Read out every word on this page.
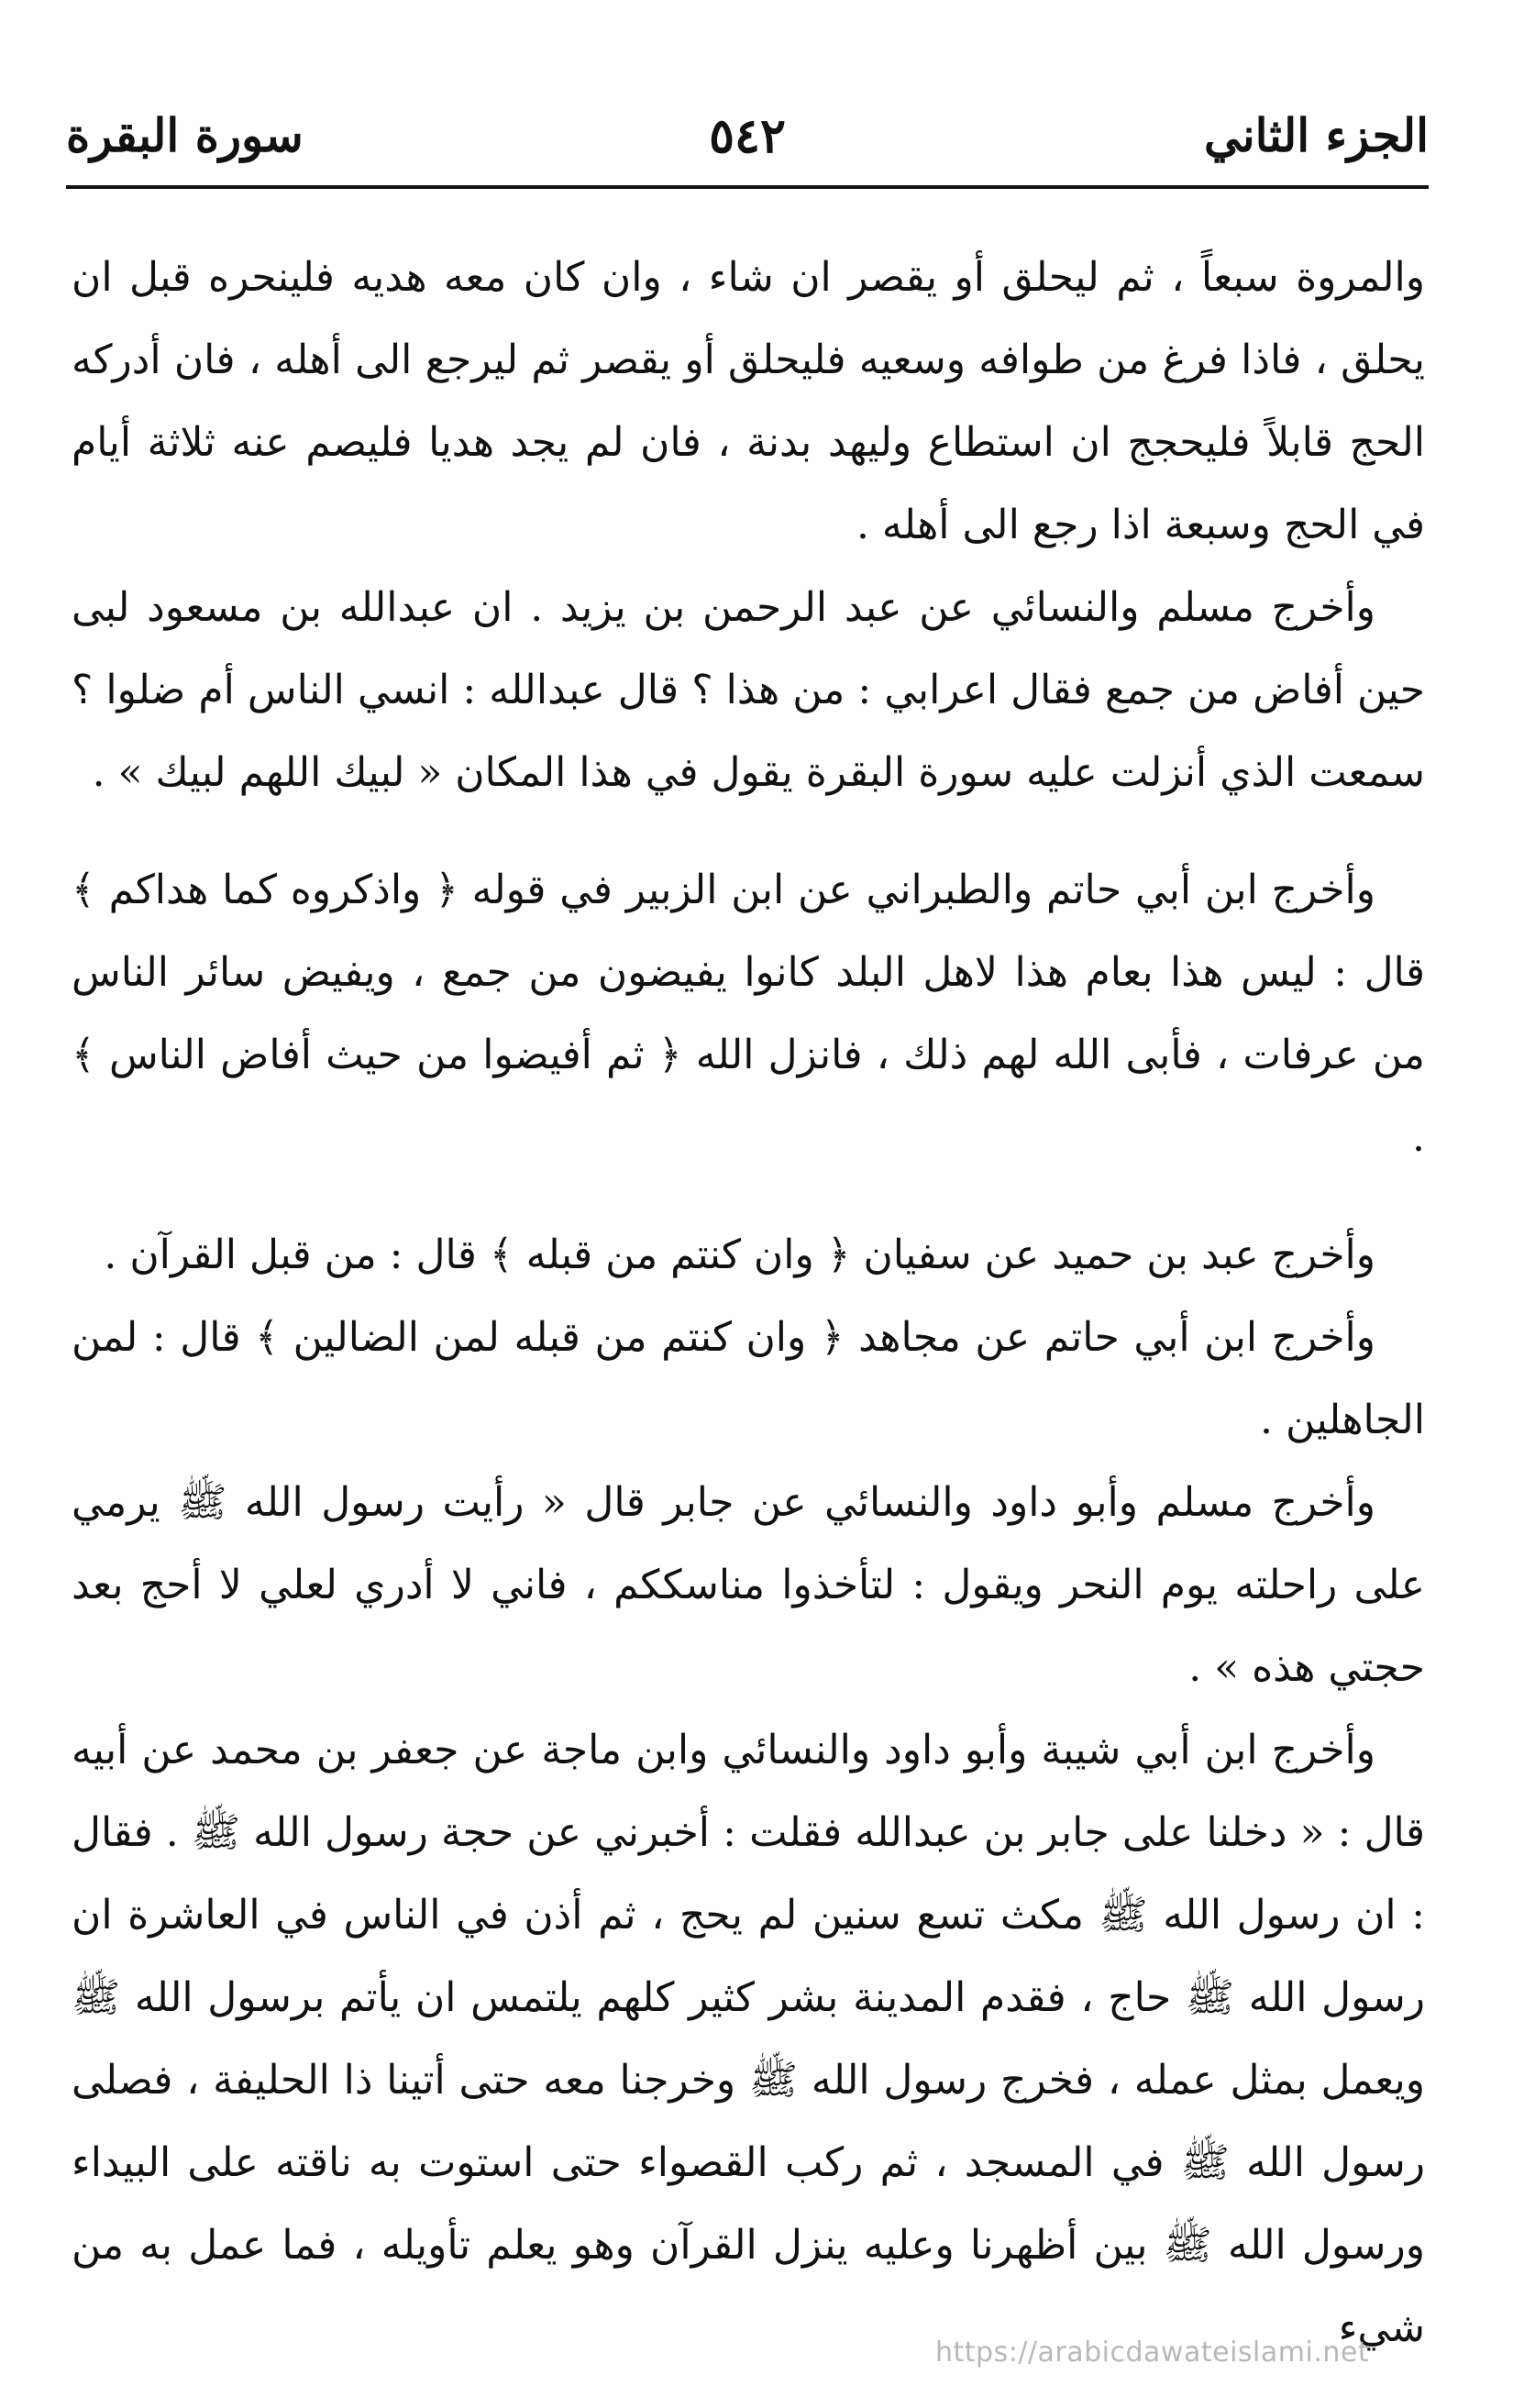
الجزء الثاني
٥٤٢
سورة البقرة

والمروة سبعاً ، ثم ليحلق أو يقصر ان شاء ، وان كان معه هديه فلينحره قبل ان يحلق ، فاذا فرغ من طوافه وسعيه فليحلق أو يقصر ثم ليرجع الى أهله ، فان أدركه الحج قابلاً فليحجج ان استطاع وليهد بدنة ، فان لم يجد هديا فليصم عنه ثلاثة أيام في الحج وسبعة اذا رجع الى أهله .

وأخرج مسلم والنسائي عن عبد الرحمن بن يزيد . ان عبدالله بن مسعود لبى حين أفاض من جمع فقال اعرابي : من هذا ؟ قال عبدالله : انسي الناس أم ضلوا ؟ سمعت الذي أنزلت عليه سورة البقرة يقول في هذا المكان « لبيك اللهم لبيك » .

وأخرج ابن أبي حاتم والطبراني عن ابن الزبير في قوله ﴿ واذكروه كما هداكم ﴾ قال : ليس هذا بعام هذا لاهل البلد كانوا يفيضون من جمع ، ويفيض سائر الناس من عرفات ، فأبى الله لهم ذلك ، فانزل الله ﴿ ثم أفيضوا من حيث أفاض الناس ﴾ .

وأخرج عبد بن حميد عن سفيان ﴿ وان كنتم من قبله ﴾ قال : من قبل القرآن .

وأخرج ابن أبي حاتم عن مجاهد ﴿ وان كنتم من قبله لمن الضالين ﴾ قال : لمن الجاهلين .

وأخرج مسلم وأبو داود والنسائي عن جابر قال « رأيت رسول الله ﷺ يرمي على راحلته يوم النحر ويقول : لتأخذوا مناسككم ، فاني لا أدري لعلي لا أحج بعد حجتي هذه » .

وأخرج ابن أبي شيبة وأبو داود والنسائي وابن ماجة عن جعفر بن محمد عن أبيه قال : « دخلنا على جابر بن عبدالله فقلت : أخبرني عن حجة رسول الله ﷺ . فقال : ان رسول الله ﷺ مكث تسع سنين لم يحج ، ثم أذن في الناس في العاشرة ان رسول الله ﷺ حاج ، فقدم المدينة بشر كثير كلهم يلتمس ان يأتم برسول الله ﷺ ويعمل بمثل عمله ، فخرج رسول الله ﷺ وخرجنا معه حتى أتينا ذا الحليفة ، فصلى رسول الله ﷺ في المسجد ، ثم ركب القصواء حتى استوت به ناقته على البيداء ورسول الله ﷺ بين أظهرنا وعليه ينزل القرآن وهو يعلم تأويله ، فما عمل به من شيء

https://arabicdawateislami.net
